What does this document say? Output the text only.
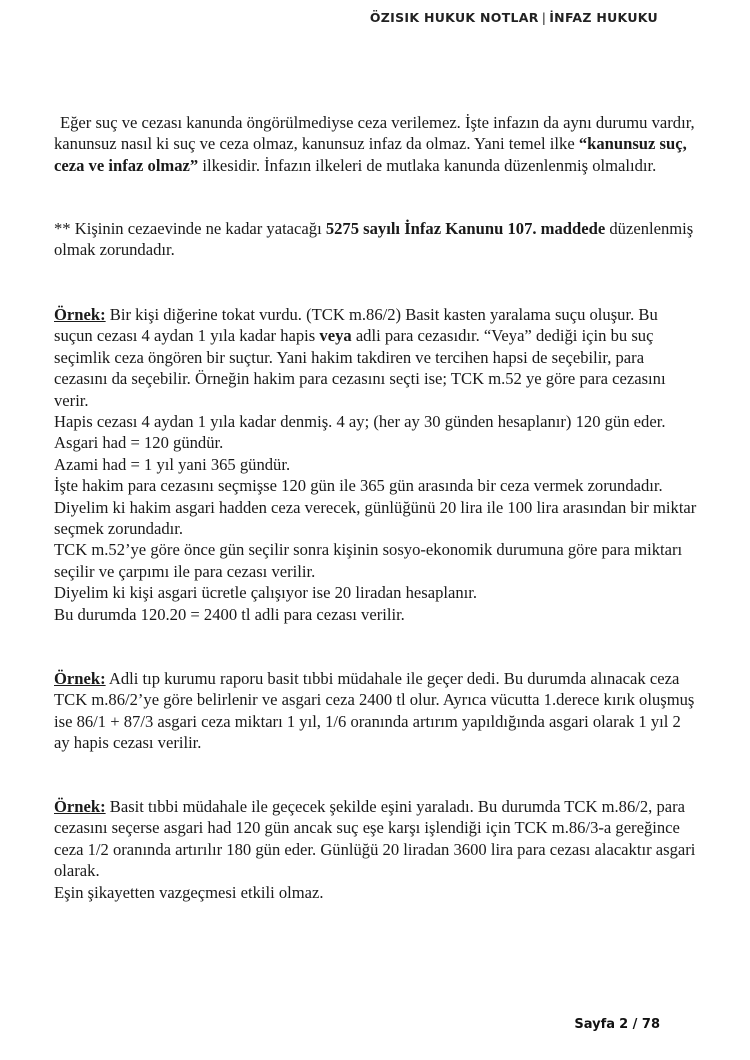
ÖZISIK HUKUK NOTLAR | İNFAZ HUKUKU

Eğer suç ve cezası kanunda öngörülmediyse ceza verilemez. İşte infazın da aynı durumu vardır, kanunsuz nasıl ki suç ve ceza olmaz, kanunsuz infaz da olmaz. Yani temel ilke “kanunsuz suç, ceza ve infaz olmaz” ilkesidir. İnfazın ilkeleri de mutlaka kanunda düzenlenmiş olmalıdır.

** Kişinin cezaevinde ne kadar yatacağı 5275 sayılı İnfaz Kanunu 107. maddede düzenlenmiş olmak zorundadır.

Örnek: Bir kişi diğerine tokat vurdu. (TCK m.86/2) Basit kasten yaralama suçu oluşur. Bu suçun cezası 4 aydan 1 yıla kadar hapis veya adli para cezasıdır. “Veya” dediği için bu suç seçimlik ceza öngören bir suçtur. Yani hakim takdiren ve tercihen hapsi de seçebilir, para cezasını da seçebilir. Örneğin hakim para cezasını seçti ise; TCK m.52 ye göre para cezasını verir.
Hapis cezası 4 aydan 1 yıla kadar denmiş. 4 ay; (her ay 30 günden hesaplanır) 120 gün eder. Asgari had = 120 gündür.
Azami had = 1 yıl yani 365 gündür.
İşte hakim para cezasını seçmişse 120 gün ile 365 gün arasında bir ceza vermek zorundadır. Diyelim ki hakim asgari hadden ceza verecek, günlüğünü 20 lira ile 100 lira arasından bir miktar seçmek zorundadır.
TCK m.52’ye göre önce gün seçilir sonra kişinin sosyo-ekonomik durumuna göre para miktarı seçilir ve çarpımı ile para cezası verilir.
Diyelim ki kişi asgari ücretle çalışıyor ise 20 liradan hesaplanır.
Bu durumda 120.20 = 2400 tl adli para cezası verilir.

Örnek: Adli tıp kurumu raporu basit tıbbi müdahale ile geçer dedi. Bu durumda alınacak ceza TCK m.86/2’ye göre belirlenir ve asgari ceza 2400 tl olur. Ayrıca vücutta 1.derece kırık oluşmuş ise 86/1 + 87/3 asgari ceza miktarı 1 yıl, 1/6 oranında artırım yapıldığında asgari olarak 1 yıl 2 ay hapis cezası verilir.

Örnek: Basit tıbbi müdahale ile geçecek şekilde eşini yaraladı. Bu durumda TCK m.86/2, para cezasını seçerse asgari had 120 gün ancak suç eşe karşı işlendiği için TCK m.86/3-a gereğince ceza 1/2 oranında artırılır 180 gün eder. Günlüğü 20 liradan 3600 lira para cezası alacaktır asgari olarak.
Eşin şikayetten vazgeçmesi etkili olmaz.

Sayfa 2 / 78
